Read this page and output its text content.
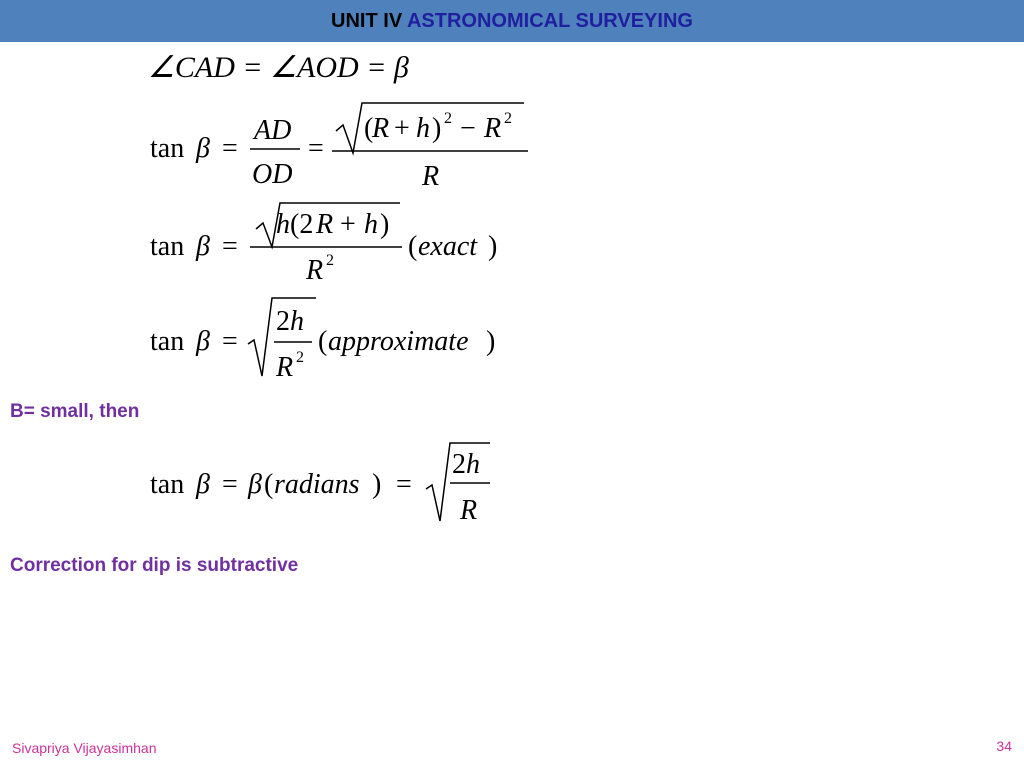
UNIT IV ASTRONOMICAL SURVEYING
∠CAD = ∠AOD = β
tan β =
AD
OD
=
(
R + h ) 2 − R 2
R
tan β =
h (2 R + h )
R 2	( exact )
tan β =
2 h
R 2
( approximate )
B= small, then
tan β = β ( radians ) =
2 h
R
Correction for dip is subtractive
Sivapriya Vijayasimhan	34
